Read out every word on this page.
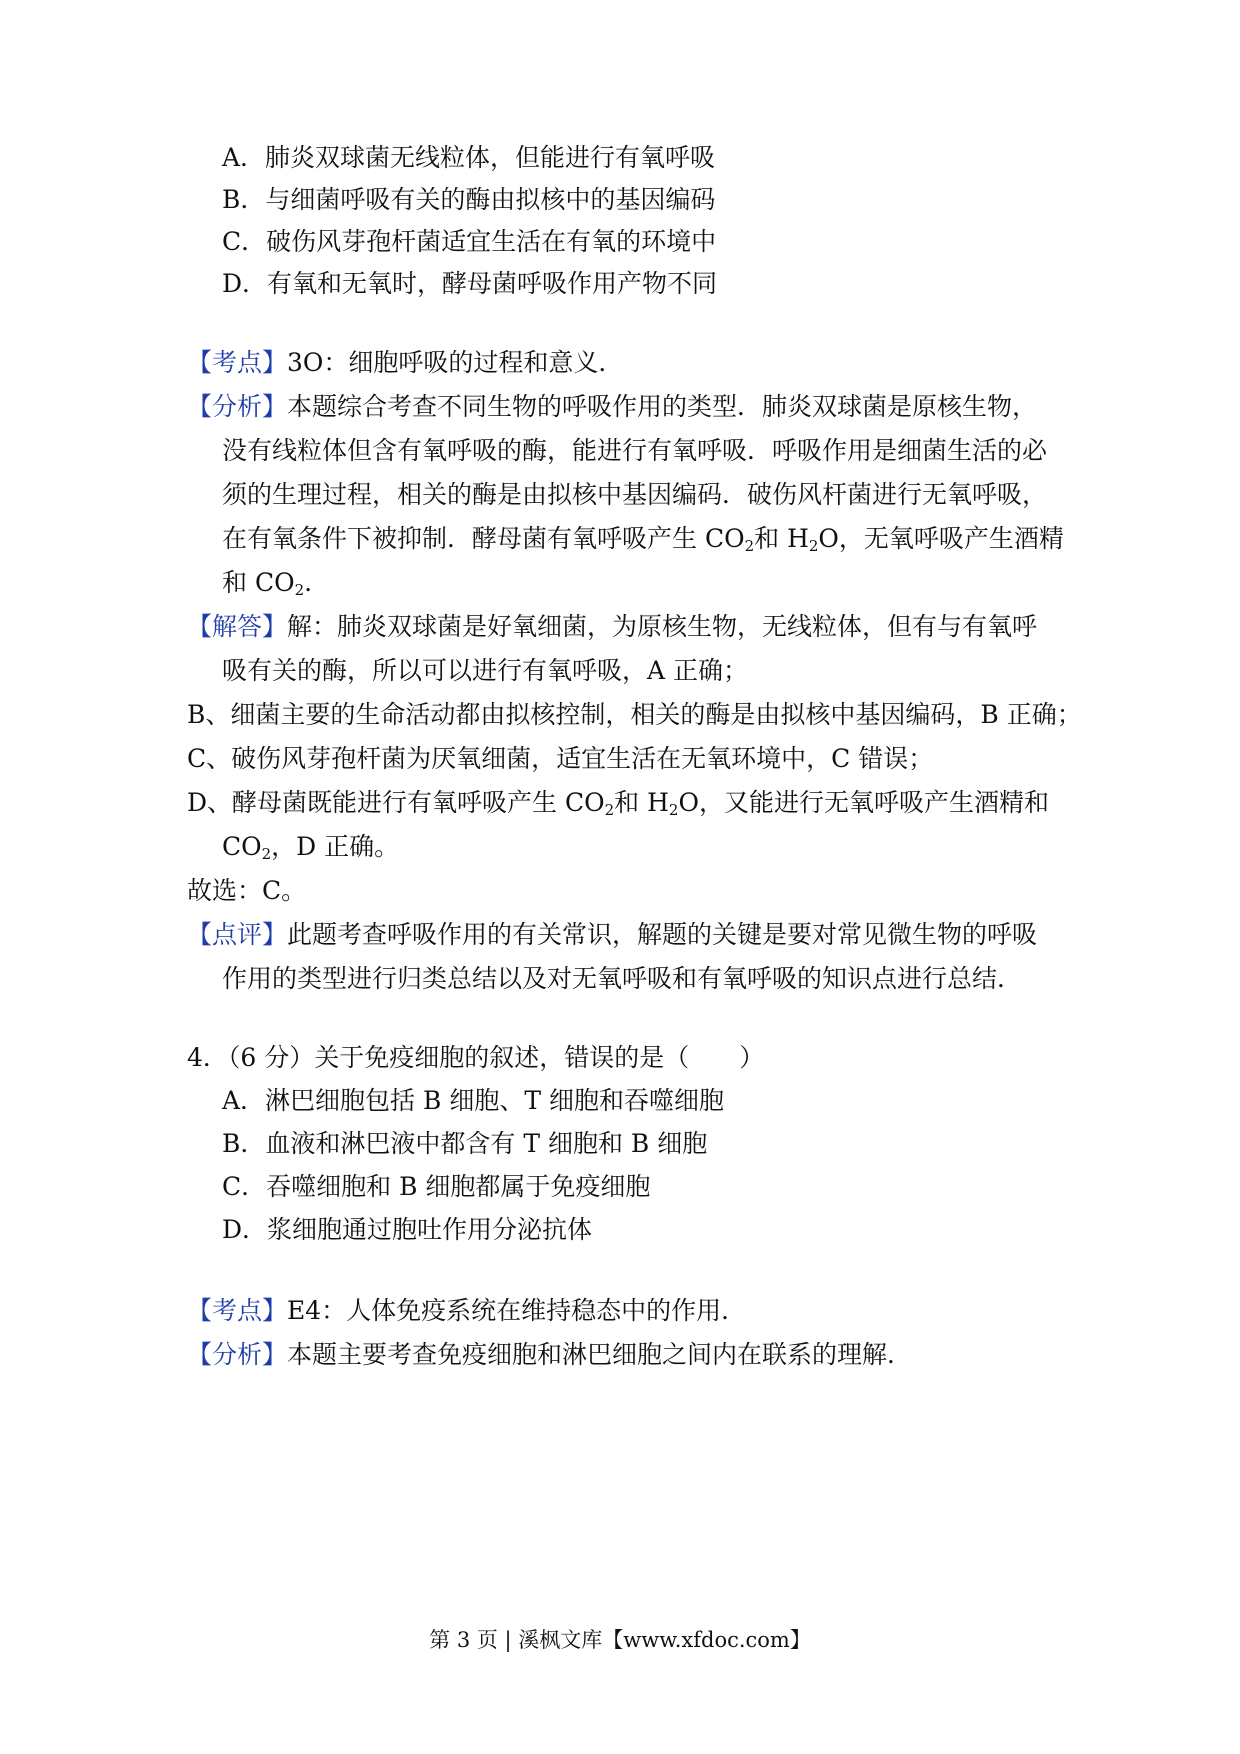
A．肺炎双球菌无线粒体，但能进行有氧呼吸
B．与细菌呼吸有关的酶由拟核中的基因编码
C．破伤风芽孢杆菌适宜生活在有氧的环境中
D．有氧和无氧时，酵母菌呼吸作用产物不同
【考点】3O：细胞呼吸的过程和意义．
【分析】本题综合考查不同生物的呼吸作用的类型．肺炎双球菌是原核生物，
没有线粒体但含有氧呼吸的酶，能进行有氧呼吸．呼吸作用是细菌生活的必
须的生理过程，相关的酶是由拟核中基因编码．破伤风杆菌进行无氧呼吸，
在有氧条件下被抑制．酵母菌有氧呼吸产生 $CO_2$和 $H_2O$，无氧呼吸产生酒精
和 $CO_2$.
【解答】解：肺炎双球菌是好氧细菌，为原核生物，无线粒体，但有与有氧呼
吸有关的酶，所以可以进行有氧呼吸，A 正确；
B、细菌主要的生命活动都由拟核控制，相关的酶是由拟核中基因编码，B 正确；
C、破伤风芽孢杆菌为厌氧细菌，适宜生活在无氧环境中，C 错误；
D、酵母菌既能进行有氧呼吸产生 $CO_2$和 $H_2O$，又能进行无氧呼吸产生酒精和
$CO_2$，D 正确。
故选：C。
【点评】此题考查呼吸作用的有关常识，解题的关键是要对常见微生物的呼吸
作用的类型进行归类总结以及对无氧呼吸和有氧呼吸的知识点进行总结．
4．（6 分）关于免疫细胞的叙述，错误的是（　　）
A．淋巴细胞包括 B 细胞、T 细胞和吞噬细胞
B．血液和淋巴液中都含有 T 细胞和 B 细胞
C．吞噬细胞和 B 细胞都属于免疫细胞
D．浆细胞通过胞吐作用分泌抗体
【考点】E4：人体免疫系统在维持稳态中的作用．
【分析】本题主要考查免疫细胞和淋巴细胞之间内在联系的理解．
第 3 页 | 溪枫文库【www.xfdoc.com】
